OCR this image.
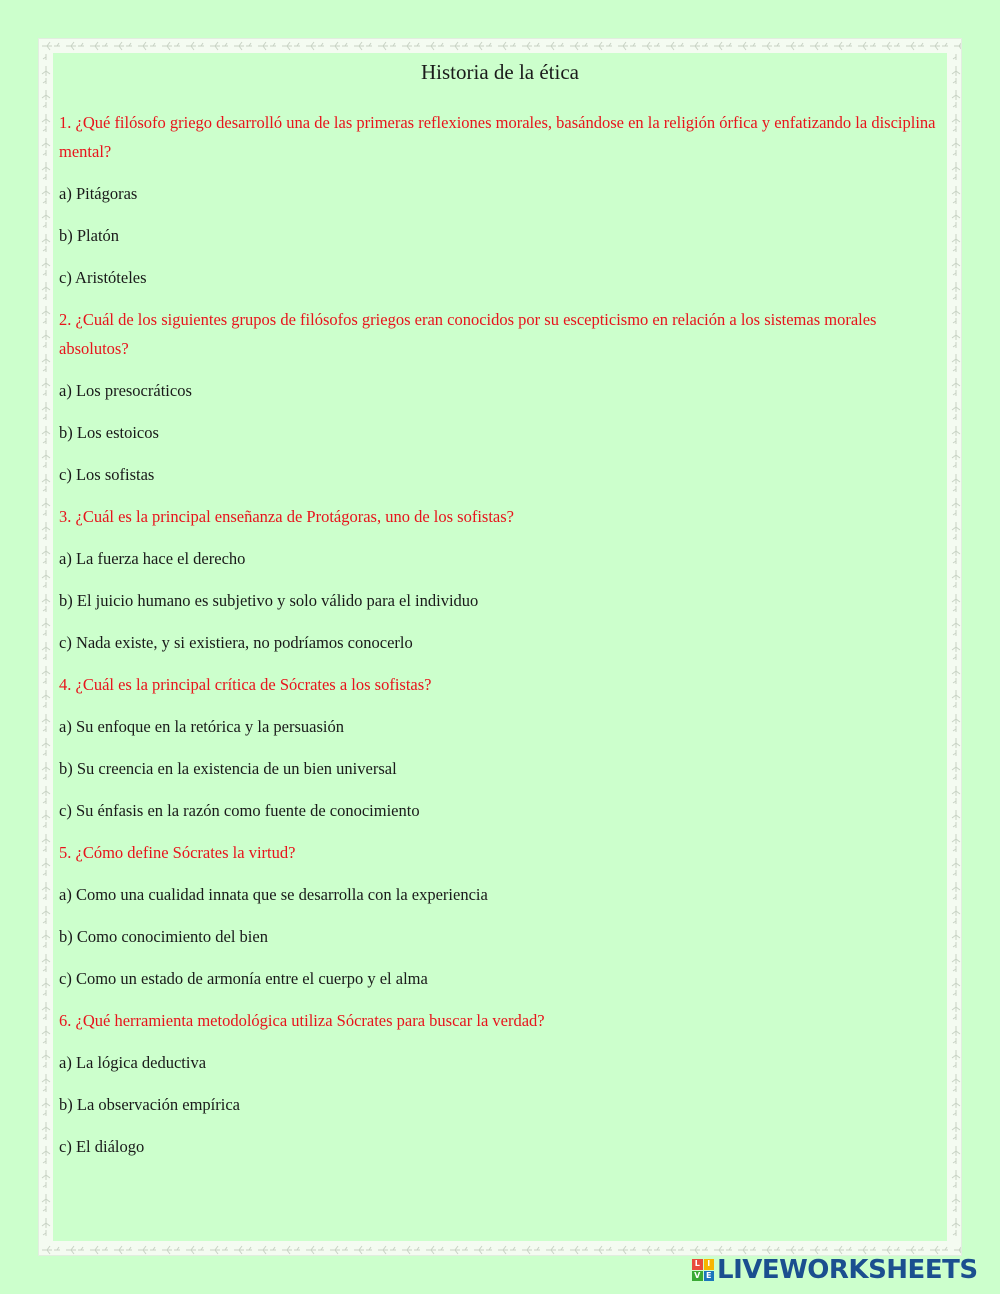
Historia de la ética

1. ¿Qué filósofo griego desarrolló una de las primeras reflexiones morales, basándose en la religión órfica y enfatizando la disciplina mental?

a) Pitágoras

b) Platón

c) Aristóteles

2. ¿Cuál de los siguientes grupos de filósofos griegos eran conocidos por su escepticismo en relación a los sistemas morales absolutos?

a) Los presocráticos

b) Los estoicos

c) Los sofistas

3. ¿Cuál es la principal enseñanza de Protágoras, uno de los sofistas?

a) La fuerza hace el derecho

b) El juicio humano es subjetivo y solo válido para el individuo

c) Nada existe, y si existiera, no podríamos conocerlo

4. ¿Cuál es la principal crítica de Sócrates a los sofistas?

a) Su enfoque en la retórica y la persuasión

b) Su creencia en la existencia de un bien universal

c) Su énfasis en la razón como fuente de conocimiento

5. ¿Cómo define Sócrates la virtud?

a) Como una cualidad innata que se desarrolla con la experiencia

b) Como conocimiento del bien

c) Como un estado de armonía entre el cuerpo y el alma

6. ¿Qué herramienta metodológica utiliza Sócrates para buscar la verdad?

a) La lógica deductiva

b) La observación empírica

c) El diálogo

L I
V E LIVEWORKSHEETS
